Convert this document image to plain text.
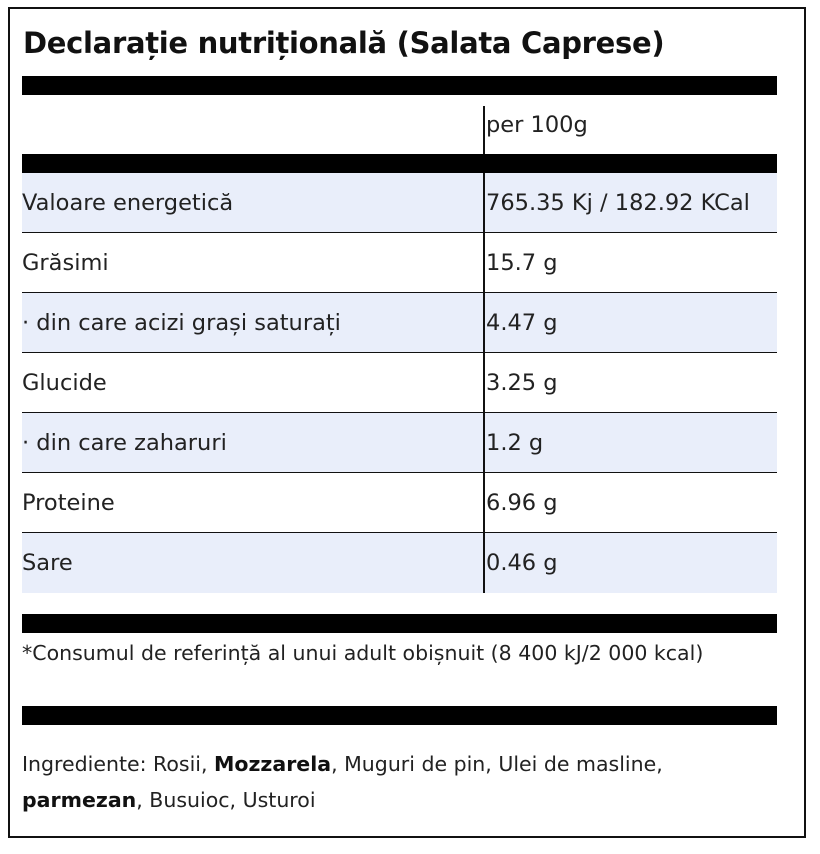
Declarație nutrițională (Salata Caprese)
per 100g
*Consumul de referință al unui adult obișnuit (8 400 kJ/2 000 kcal)
Ingrediente: Rosii, Mozzarela, Muguri de pin, Ulei de masline, parmezan, Busuioc, Usturoi
Valoare energetică	765.35 Kj / 182.92 KCal
Grăsimi	15.7 g
· din care acizi grași saturați	4.47 g
Glucide	3.25 g
· din care zaharuri	1.2 g
Proteine	6.96 g
Sare	0.46 g
